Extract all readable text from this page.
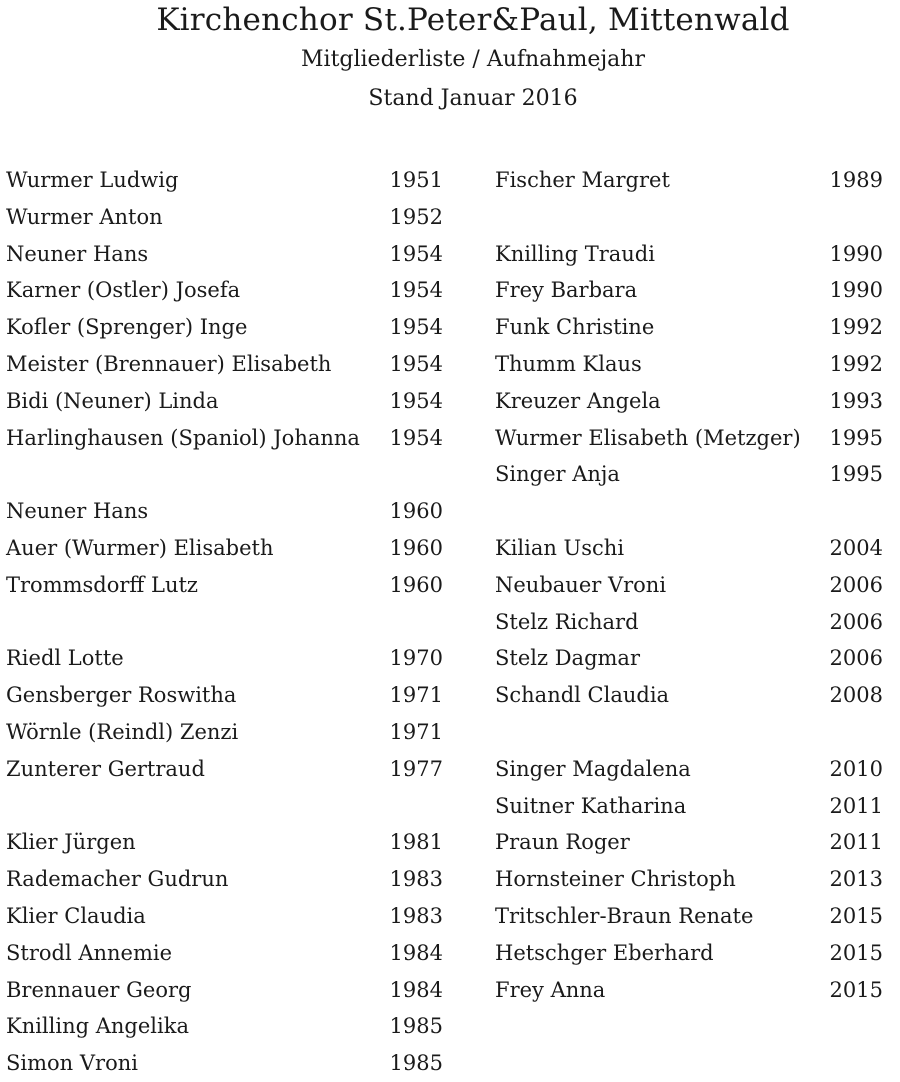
Kirchenchor St.Peter&Paul, Mittenwald
Mitgliederliste / Aufnahmejahr
Stand Januar 2016
Wurmer Ludwig	1951
Wurmer Anton	1952
Neuner Hans	1954
Karner (Ostler) Josefa	1954
Kofler (Sprenger) Inge	1954
Meister (Brennauer) Elisabeth	1954
Bidi (Neuner) Linda	1954
Harlinghausen (Spaniol) Johanna 1954
Neuner Hans	1960
Auer (Wurmer) Elisabeth	1960
Trommsdorff Lutz	1960
Riedl Lotte	1970
Gensberger Roswitha	1971
Wörnle (Reindl) Zenzi	1971
Zunterer Gertraud	1977
Klier Jürgen	1981
Rademacher Gudrun	1983
Klier Claudia	1983
Strodl Annemie	1984
Brennauer Georg	1984
Knilling Angelika	1985
Simon Vroni	1985
Fischer Margret	1989
Knilling Traudi	1990
Frey Barbara	1990
Funk Christine	1992
Thumm Klaus	1992
Kreuzer Angela	1993
Wurmer Elisabeth (Metzger) 1995
Singer Anja	1995
Kilian Uschi	2004
Neubauer Vroni	2006
Stelz Richard	2006
Stelz Dagmar	2006
Schandl Claudia	2008
Singer Magdalena	2010
Suitner Katharina	2011
Praun Roger	2011
Hornsteiner Christoph	2013
Tritschler-Braun Renate	2015
Hetschger Eberhard	2015
Frey Anna	2015
